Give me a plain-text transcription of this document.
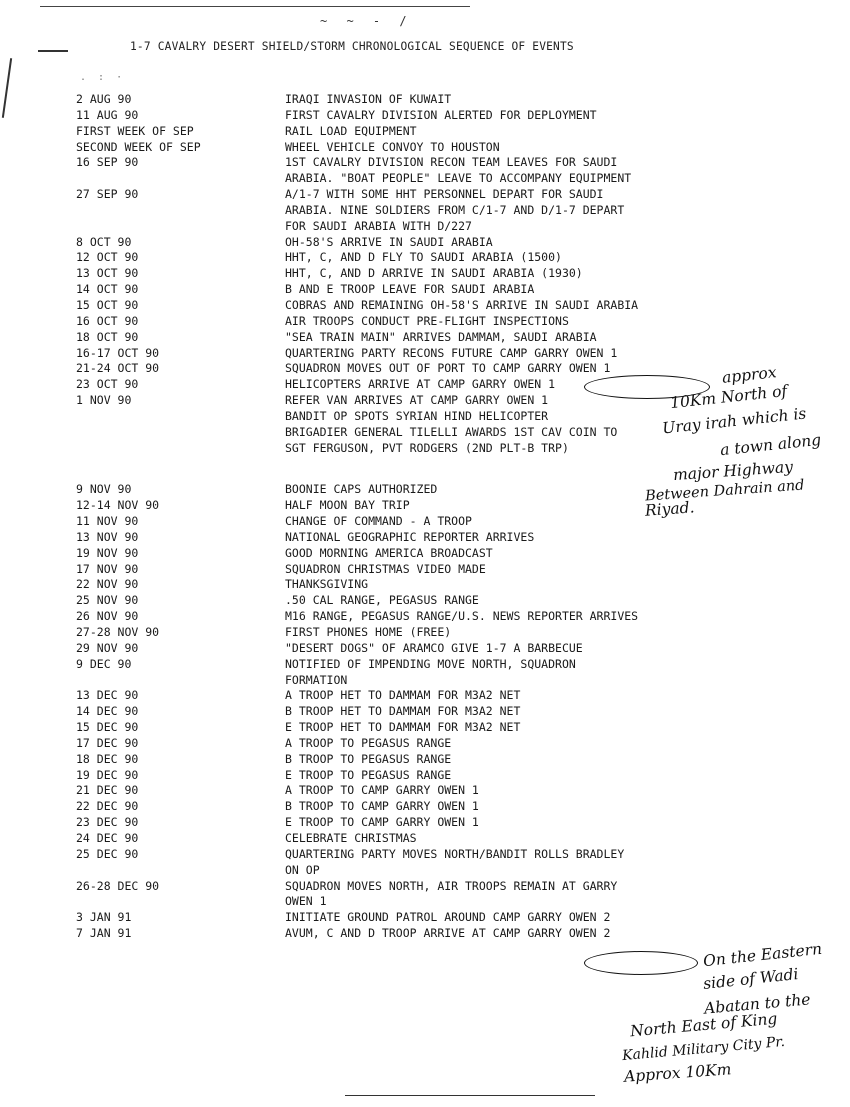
~ ~ - /
1-7 CAVALRY DESERT SHIELD/STORM CHRONOLOGICAL SEQUENCE OF EVENTS
. : ·
2 AUG 90	IRAQI INVASION OF KUWAIT
11 AUG 90	FIRST CAVALRY DIVISION ALERTED FOR DEPLOYMENT
FIRST WEEK OF SEP	RAIL LOAD EQUIPMENT
SECOND WEEK OF SEP	WHEEL VEHICLE CONVOY TO HOUSTON
16 SEP 90	1ST CAVALRY DIVISION RECON TEAM LEAVES FOR SAUDI
ARABIA. "BOAT PEOPLE" LEAVE TO ACCOMPANY EQUIPMENT
27 SEP 90	A/1-7 WITH SOME HHT PERSONNEL DEPART FOR SAUDI
ARABIA. NINE SOLDIERS FROM C/1-7 AND D/1-7 DEPART
FOR SAUDI ARABIA WITH D/227
8 OCT 90	OH-58'S ARRIVE IN SAUDI ARABIA
12 OCT 90	HHT, C, AND D FLY TO SAUDI ARABIA (1500)
13 OCT 90	HHT, C, AND D ARRIVE IN SAUDI ARABIA (1930)
14 OCT 90	B AND E TROOP LEAVE FOR SAUDI ARABIA
15 OCT 90	COBRAS AND REMAINING OH-58'S ARRIVE IN SAUDI ARABIA
16 OCT 90	AIR TROOPS CONDUCT PRE-FLIGHT INSPECTIONS
18 OCT 90	"SEA TRAIN MAIN" ARRIVES DAMMAM, SAUDI ARABIA
16-17 OCT 90	QUARTERING PARTY RECONS FUTURE CAMP GARRY OWEN 1
21-24 OCT 90	SQUADRON MOVES OUT OF PORT TO CAMP GARRY OWEN 1
23 OCT 90	HELICOPTERS ARRIVE AT CAMP GARRY OWEN 1
1 NOV 90	REFER VAN ARRIVES AT CAMP GARRY OWEN 1
BANDIT OP SPOTS SYRIAN HIND HELICOPTER
BRIGADIER GENERAL TILELLI AWARDS 1ST CAV COIN TO
SGT FERGUSON, PVT RODGERS (2ND PLT-B TRP)
9 NOV 90	BOONIE CAPS AUTHORIZED
12-14 NOV 90	HALF MOON BAY TRIP
11 NOV 90	CHANGE OF COMMAND - A TROOP
13 NOV 90	NATIONAL GEOGRAPHIC REPORTER ARRIVES
19 NOV 90	GOOD MORNING AMERICA BROADCAST
17 NOV 90	SQUADRON CHRISTMAS VIDEO MADE
22 NOV 90	THANKSGIVING
25 NOV 90	.50 CAL RANGE, PEGASUS RANGE
26 NOV 90	M16 RANGE, PEGASUS RANGE/U.S. NEWS REPORTER ARRIVES
27-28 NOV 90	FIRST PHONES HOME (FREE)
29 NOV 90	"DESERT DOGS" OF ARAMCO GIVE 1-7 A BARBECUE
9 DEC 90	NOTIFIED OF IMPENDING MOVE NORTH, SQUADRON
FORMATION
13 DEC 90	A TROOP HET TO DAMMAM FOR M3A2 NET
14 DEC 90	B TROOP HET TO DAMMAM FOR M3A2 NET
15 DEC 90	E TROOP HET TO DAMMAM FOR M3A2 NET
17 DEC 90	A TROOP TO PEGASUS RANGE
18 DEC 90	B TROOP TO PEGASUS RANGE
19 DEC 90	E TROOP TO PEGASUS RANGE
21 DEC 90	A TROOP TO CAMP GARRY OWEN 1
22 DEC 90	B TROOP TO CAMP GARRY OWEN 1
23 DEC 90	E TROOP TO CAMP GARRY OWEN 1
24 DEC 90	CELEBRATE CHRISTMAS
25 DEC 90	QUARTERING PARTY MOVES NORTH/BANDIT ROLLS BRADLEY
ON OP
26-28 DEC 90	SQUADRON MOVES NORTH, AIR TROOPS REMAIN AT GARRY
OWEN 1
3 JAN 91	INITIATE GROUND PATROL AROUND CAMP GARRY OWEN 2
7 JAN 91	AVUM, C AND D TROOP ARRIVE AT CAMP GARRY OWEN 2
approx
10Km North of
Uray irah which is
a town along
major Highway
Between Dahrain and
Riyad.
On the Eastern
side of Wadi
Abatan to the
North East of King
Kahlid Military City Pr.
Approx 10Km
